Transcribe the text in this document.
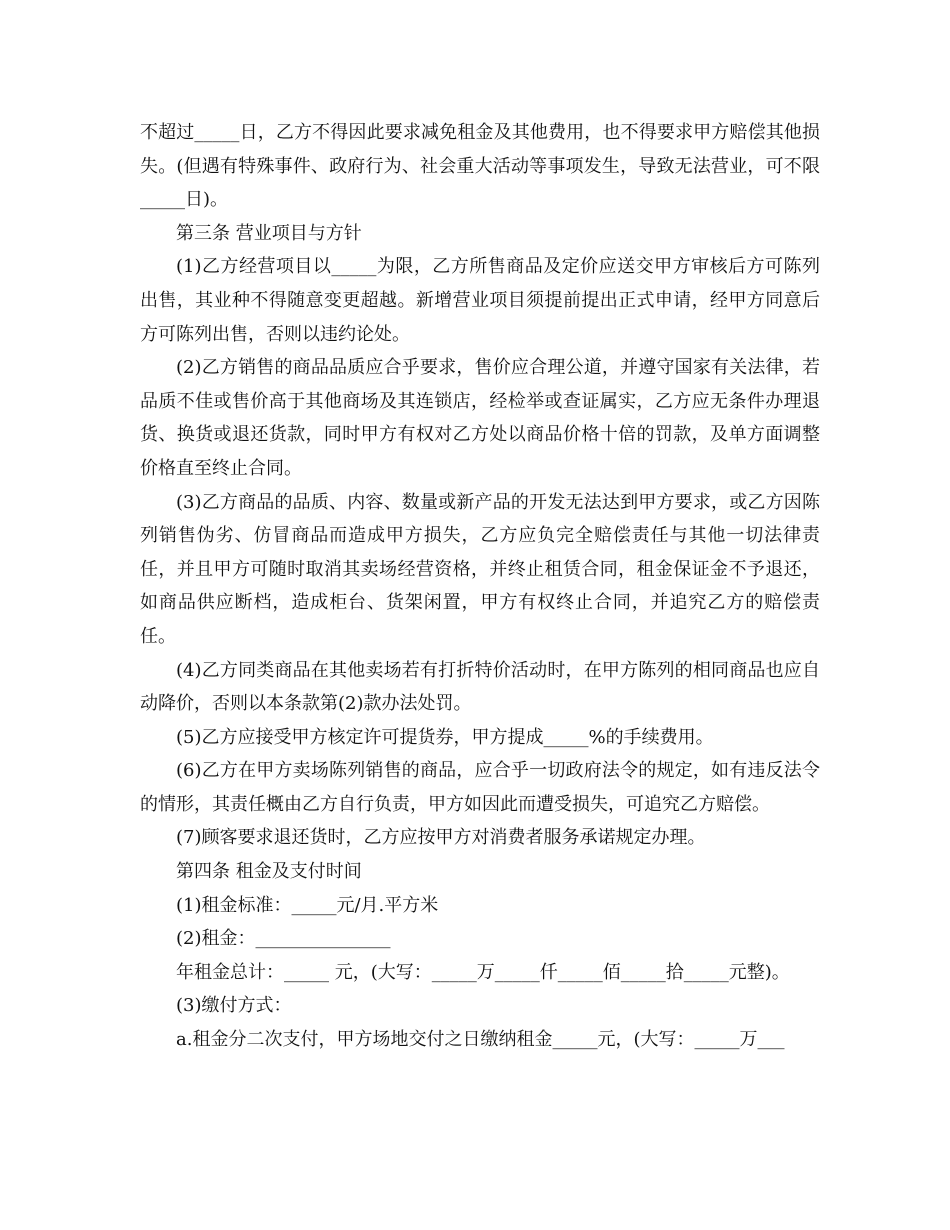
不超过_____日，乙方不得因此要求减免租金及其他费用，也不得要求甲方赔偿其他损失。(但遇有特殊事件、政府行为、社会重大活动等事项发生，导致无法营业，可不限_____日)。

第三条 营业项目与方针

(1)乙方经营项目以_____为限，乙方所售商品及定价应送交甲方审核后方可陈列出售，其业种不得随意变更超越。新增营业项目须提前提出正式申请，经甲方同意后方可陈列出售，否则以违约论处。

(2)乙方销售的商品品质应合乎要求，售价应合理公道，并遵守国家有关法律，若品质不佳或售价高于其他商场及其连锁店，经检举或查证属实，乙方应无条件办理退货、换货或退还货款，同时甲方有权对乙方处以商品价格十倍的罚款，及单方面调整价格直至终止合同。

(3)乙方商品的品质、内容、数量或新产品的开发无法达到甲方要求，或乙方因陈列销售伪劣、仿冒商品而造成甲方损失，乙方应负完全赔偿责任与其他一切法律责任，并且甲方可随时取消其卖场经营资格，并终止租赁合同，租金保证金不予退还，如商品供应断档，造成柜台、货架闲置，甲方有权终止合同，并追究乙方的赔偿责任。

(4)乙方同类商品在其他卖场若有打折特价活动时，在甲方陈列的相同商品也应自动降价，否则以本条款第(2)款办法处罚。

(5)乙方应接受甲方核定许可提货券，甲方提成_____%的手续费用。

(6)乙方在甲方卖场陈列销售的商品，应合乎一切政府法令的规定，如有违反法令的情形，其责任概由乙方自行负责，甲方如因此而遭受损失，可追究乙方赔偿。

(7)顾客要求退还货时，乙方应按甲方对消费者服务承诺规定办理。

第四条 租金及支付时间

(1)租金标准：_____元/月.平方米

(2)租金：_______________

年租金总计：_____ 元，(大写：_____万_____仟_____佰_____拾_____元整)。

(3)缴付方式：

a.租金分二次支付，甲方场地交付之日缴纳租金_____元，(大写：_____万___
